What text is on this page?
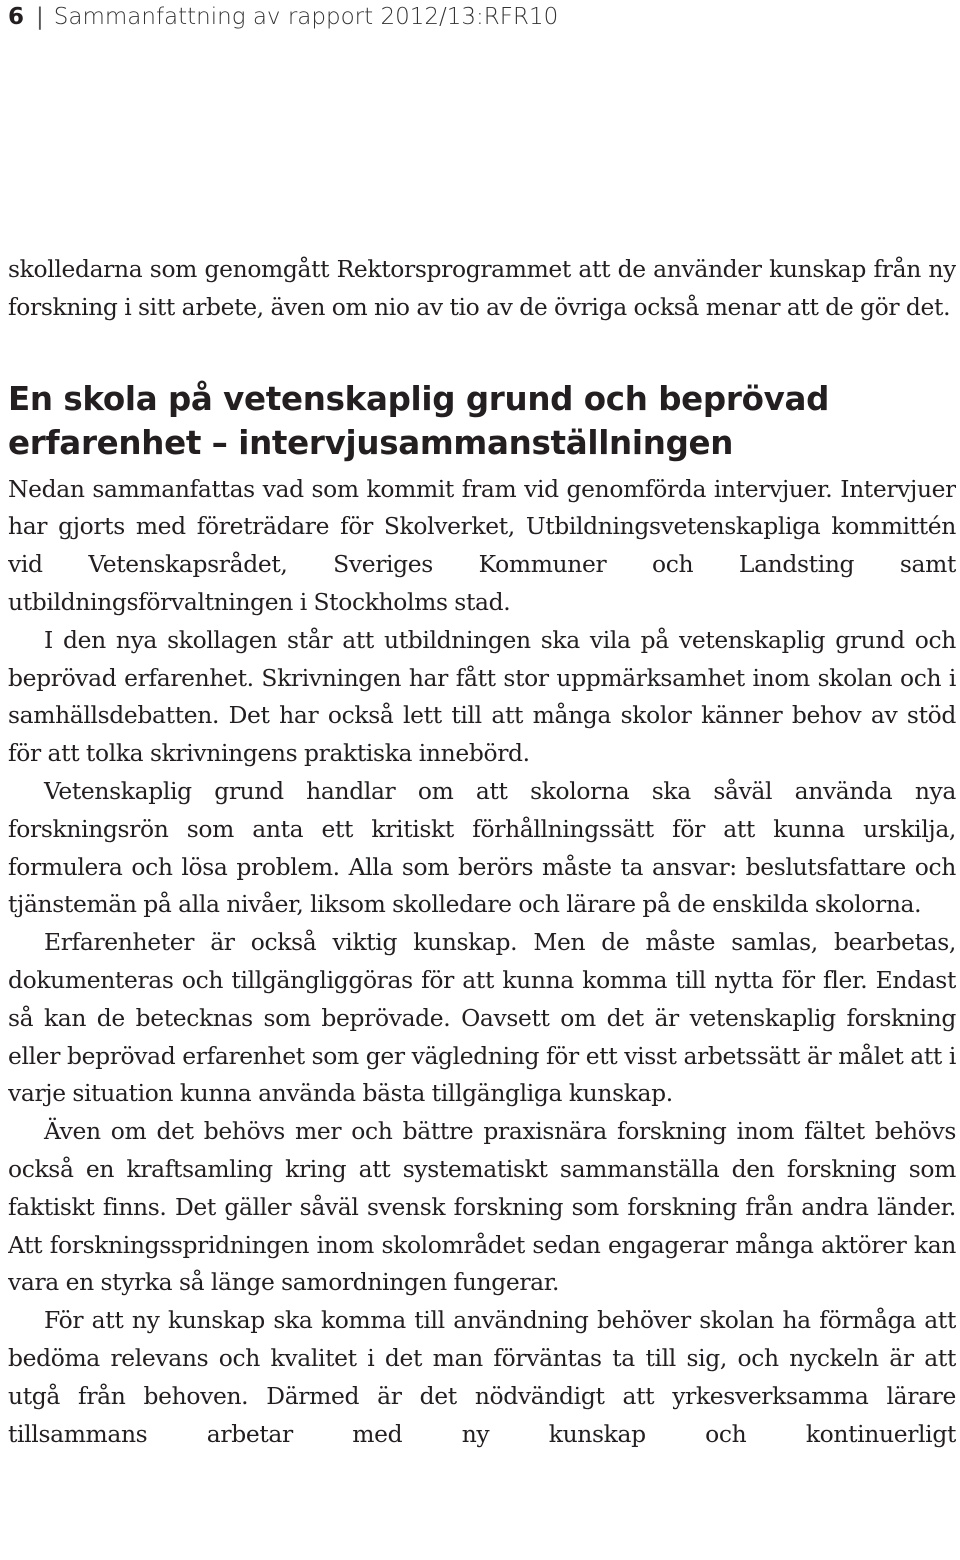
6 | Sammanfattning av rapport 2012/13:RFR10

skolledarna som genomgått Rektorsprogrammet att de använder kunskap från ny forskning i sitt arbete, även om nio av tio av de övriga också menar att de gör det.

En skola på vetenskaplig grund och beprövad
erfarenhet – intervjusammanställningen

Nedan sammanfattas vad som kommit fram vid genomförda intervjuer. Intervjuer har gjorts med företrädare för Skolverket, Utbildningsvetenskapliga kommittén vid Vetenskapsrådet, Sveriges Kommuner och Landsting samt utbildningsförvaltningen i Stockholms stad.

I den nya skollagen står att utbildningen ska vila på vetenskaplig grund och beprövad erfarenhet. Skrivningen har fått stor uppmärksamhet inom skolan och i samhällsdebatten. Det har också lett till att många skolor känner behov av stöd för att tolka skrivningens praktiska innebörd.

Vetenskaplig grund handlar om att skolorna ska såväl använda nya forskningsrön som anta ett kritiskt förhållningssätt för att kunna urskilja, formulera och lösa problem. Alla som berörs måste ta ansvar: beslutsfattare och tjänstemän på alla nivåer, liksom skolledare och lärare på de enskilda skolorna.

Erfarenheter är också viktig kunskap. Men de måste samlas, bearbetas, dokumenteras och tillgängliggöras för att kunna komma till nytta för fler. Endast så kan de betecknas som beprövade. Oavsett om det är vetenskaplig forskning eller beprövad erfarenhet som ger vägledning för ett visst arbetssätt är målet att i varje situation kunna använda bästa tillgängliga kunskap.

Även om det behövs mer och bättre praxisnära forskning inom fältet behövs också en kraftsamling kring att systematiskt sammanställa den forskning som faktiskt finns. Det gäller såväl svensk forskning som forskning från andra länder. Att forskningsspridningen inom skolområdet sedan engagerar många aktörer kan vara en styrka så länge samordningen fungerar.

För att ny kunskap ska komma till användning behöver skolan ha förmåga att bedöma relevans och kvalitet i det man förväntas ta till sig, och nyckeln är att utgå från behoven. Därmed är det nödvändigt att yrkesverksamma lärare tillsammans arbetar med ny kunskap och kontinuerligt
